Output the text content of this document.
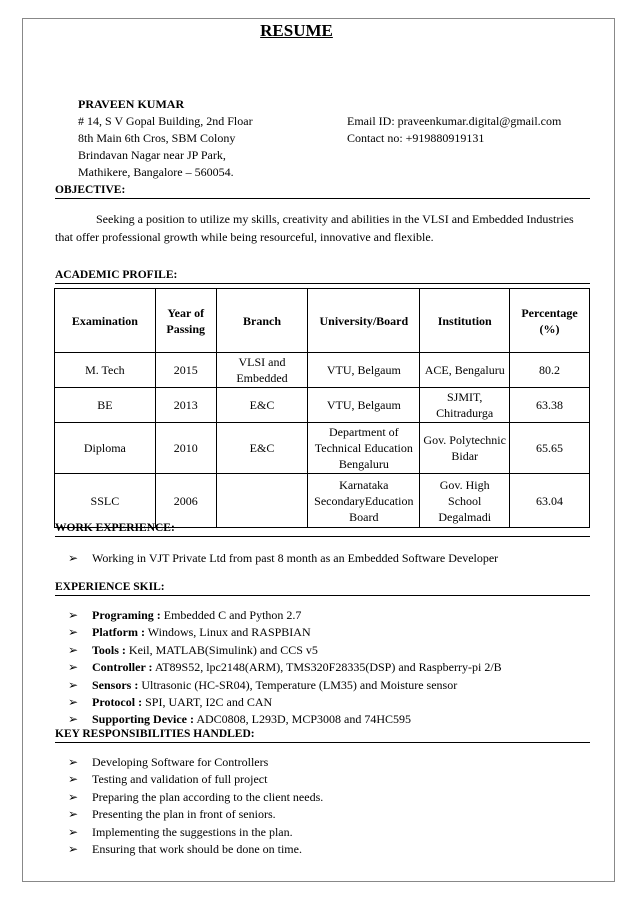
RESUME
PRAVEEN KUMAR
# 14, S V Gopal Building, 2nd Floar
8th Main 6th Cros, SBM Colony
Brindavan Nagar near JP Park,
Mathikere, Bangalore – 560054.
Email ID: praveenkumar.digital@gmail.com
Contact no: +919880919131
OBJECTIVE:
Seeking a position to utilize my skills, creativity and abilities in the VLSI and Embedded Industries that offer professional growth while being resourceful, innovative and flexible.
ACADEMIC PROFILE:
Examination	Year of Passing	Branch	University/Board	Institution	Percentage (%)
M. Tech	2015	VLSI and Embedded	VTU, Belgaum	ACE, Bengaluru	80.2
BE	2013	E&C	VTU, Belgaum	SJMIT, Chitradurga	63.38
Diploma	2010	E&C	Department of Technical Education Bengaluru	Gov. Polytechnic Bidar	65.65
SSLC	2006		Karnataka SecondaryEducation Board	Gov. High School Degalmadi	63.04
WORK EXPERIENCE:
➢ Working in VJT Private Ltd from past 8 month as an Embedded Software Developer
EXPERIENCE SKIL:
➢ Programing : Embedded C and Python 2.7
➢ Platform : Windows, Linux and RASPBIAN
➢ Tools : Keil, MATLAB(Simulink) and CCS v5
➢ Controller : AT89S52, lpc2148(ARM), TMS320F28335(DSP) and Raspberry-pi 2/B
➢ Sensors : Ultrasonic (HC-SR04), Temperature (LM35) and Moisture sensor
➢ Protocol : SPI, UART, I2C and CAN
➢ Supporting Device : ADC0808, L293D, MCP3008 and 74HC595
KEY RESPONSIBILITIES HANDLED:
➢ Developing Software for Controllers
➢ Testing and validation of full project
➢ Preparing the plan according to the client needs.
➢ Presenting the plan in front of seniors.
➢ Implementing the suggestions in the plan.
➢ Ensuring that work should be done on time.
